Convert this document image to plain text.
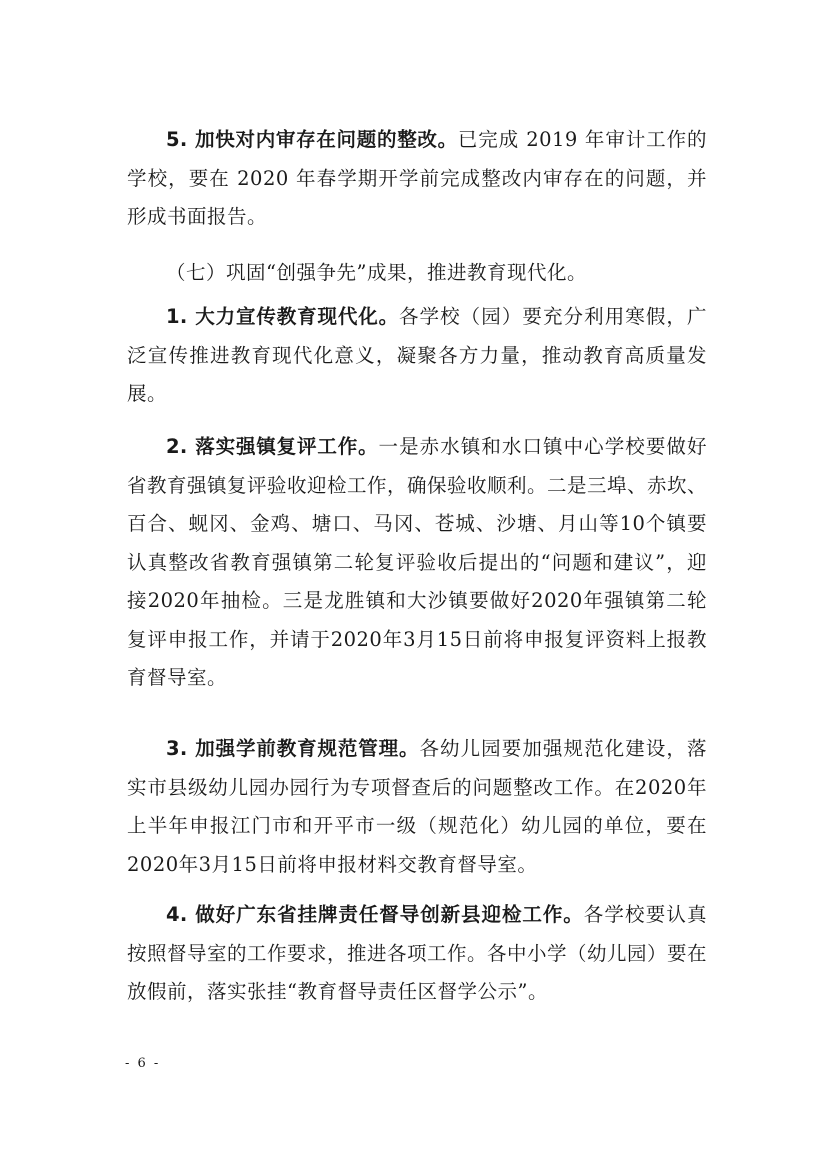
5. 加快对内审存在问题的整改。已完成 2019 年审计工作的学校，要在 2020 年春学期开学前完成整改内审存在的问题，并形成书面报告。

（七）巩固“创强争先”成果，推进教育现代化。

1. 大力宣传教育现代化。各学校（园）要充分利用寒假，广泛宣传推进教育现代化意义，凝聚各方力量，推动教育高质量发展。

2. 落实强镇复评工作。一是赤水镇和水口镇中心学校要做好省教育强镇复评验收迎检工作，确保验收顺利。二是三埠、赤坎、百合、蚬冈、金鸡、塘口、马冈、苍城、沙塘、月山等10个镇要认真整改省教育强镇第二轮复评验收后提出的“问题和建议”，迎接2020年抽检。三是龙胜镇和大沙镇要做好2020年强镇第二轮复评申报工作，并请于2020年3月15日前将申报复评资料上报教育督导室。

3. 加强学前教育规范管理。各幼儿园要加强规范化建设，落实市县级幼儿园办园行为专项督查后的问题整改工作。在2020年上半年申报江门市和开平市一级（规范化）幼儿园的单位，要在2020年3月15日前将申报材料交教育督导室。

4. 做好广东省挂牌责任督导创新县迎检工作。各学校要认真按照督导室的工作要求，推进各项工作。各中小学（幼儿园）要在放假前，落实张挂“教育督导责任区督学公示”。

- 6 -
